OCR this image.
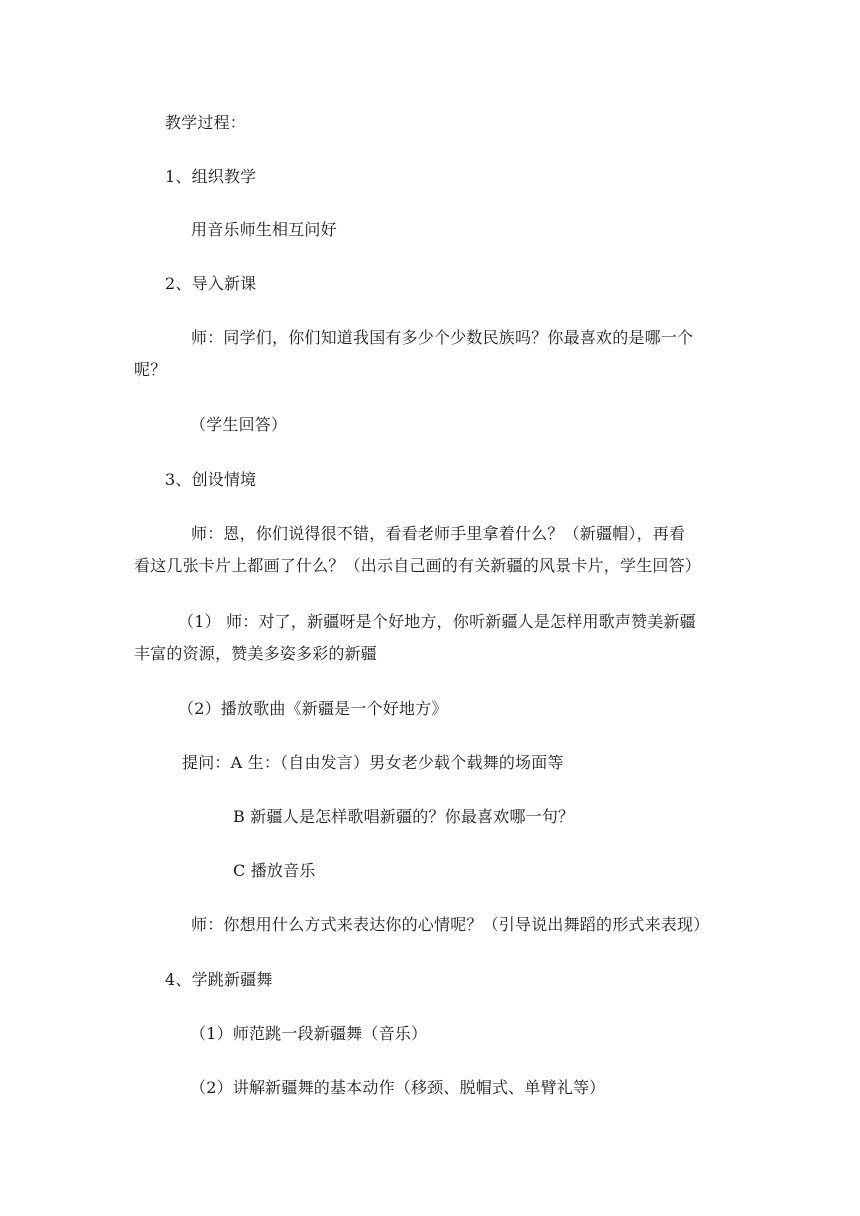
教学过程：
1、组织教学
用音乐师生相互问好
2、导入新课
师：同学们，你们知道我国有多少个少数民族吗？你最喜欢的是哪一个
呢？
（学生回答）
3、创设情境
师：恩，你们说得很不错，看看老师手里拿着什么？（新疆帽），再看
看这几张卡片上都画了什么？（出示自己画的有关新疆的风景卡片，学生回答）
（1） 师：对了，新疆呀是个好地方，你听新疆人是怎样用歌声赞美新疆
丰富的资源，赞美多姿多彩的新疆
（2）播放歌曲《新疆是一个好地方》
提问：A 生：（自由发言）男女老少载个载舞的场面等
B 新疆人是怎样歌唱新疆的？你最喜欢哪一句？
C 播放音乐
师：你想用什么方式来表达你的心情呢？（引导说出舞蹈的形式来表现）
4、学跳新疆舞
（1）师范跳一段新疆舞（音乐）
（2）讲解新疆舞的基本动作（移颈、脱帽式、单臂礼等）
